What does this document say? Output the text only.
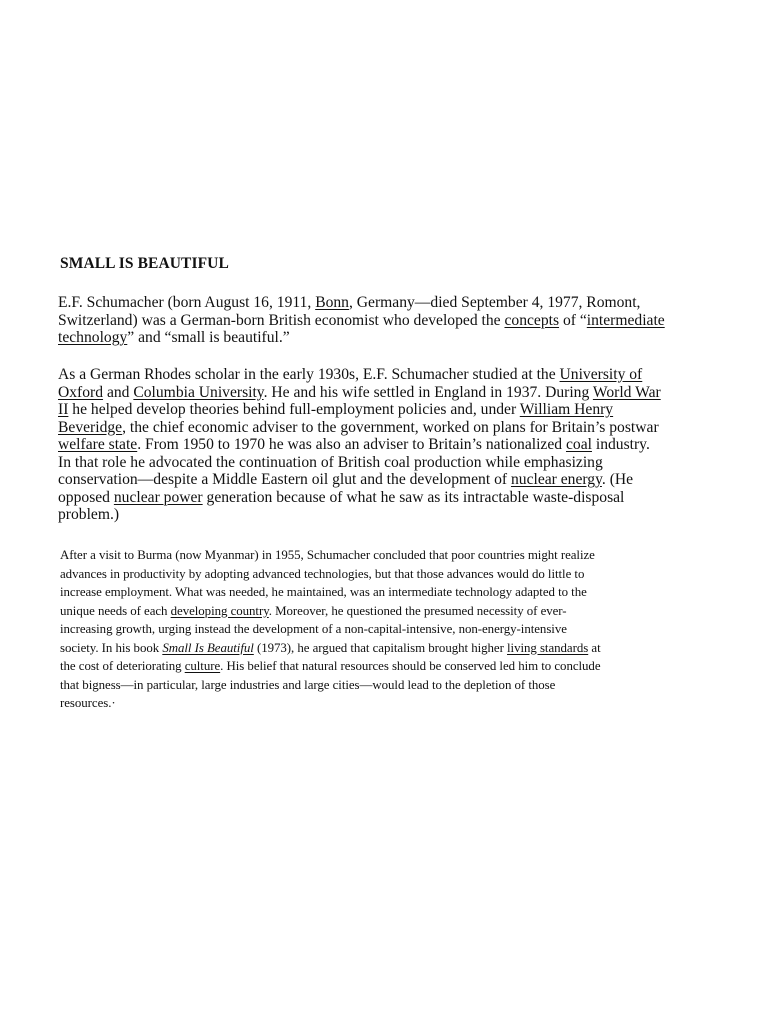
SMALL IS BEAUTIFUL

E.F. Schumacher (born August 16, 1911, Bonn, Germany—died September 4, 1977, Romont,
Switzerland) was a German-born British economist who developed the concepts of “intermediate
technology” and “small is beautiful.”

As a German Rhodes scholar in the early 1930s, E.F. Schumacher studied at the University of
Oxford and Columbia University. He and his wife settled in England in 1937. During World War
II he helped develop theories behind full-employment policies and, under William Henry
Beveridge, the chief economic adviser to the government, worked on plans for Britain’s postwar
welfare state. From 1950 to 1970 he was also an adviser to Britain’s nationalized coal industry.
In that role he advocated the continuation of British coal production while emphasizing
conservation—despite a Middle Eastern oil glut and the development of nuclear energy. (He
opposed nuclear power generation because of what he saw as its intractable waste-disposal
problem.)

After a visit to Burma (now Myanmar) in 1955, Schumacher concluded that poor countries might realize
advances in productivity by adopting advanced technologies, but that those advances would do little to
increase employment. What was needed, he maintained, was an intermediate technology adapted to the
unique needs of each developing country. Moreover, he questioned the presumed necessity of ever-
increasing growth, urging instead the development of a non-capital-intensive, non-energy-intensive
society. In his book Small Is Beautiful (1973), he argued that capitalism brought higher living standards at
the cost of deteriorating culture. His belief that natural resources should be conserved led him to conclude
that bigness—in particular, large industries and large cities—would lead to the depletion of those
resources.·
